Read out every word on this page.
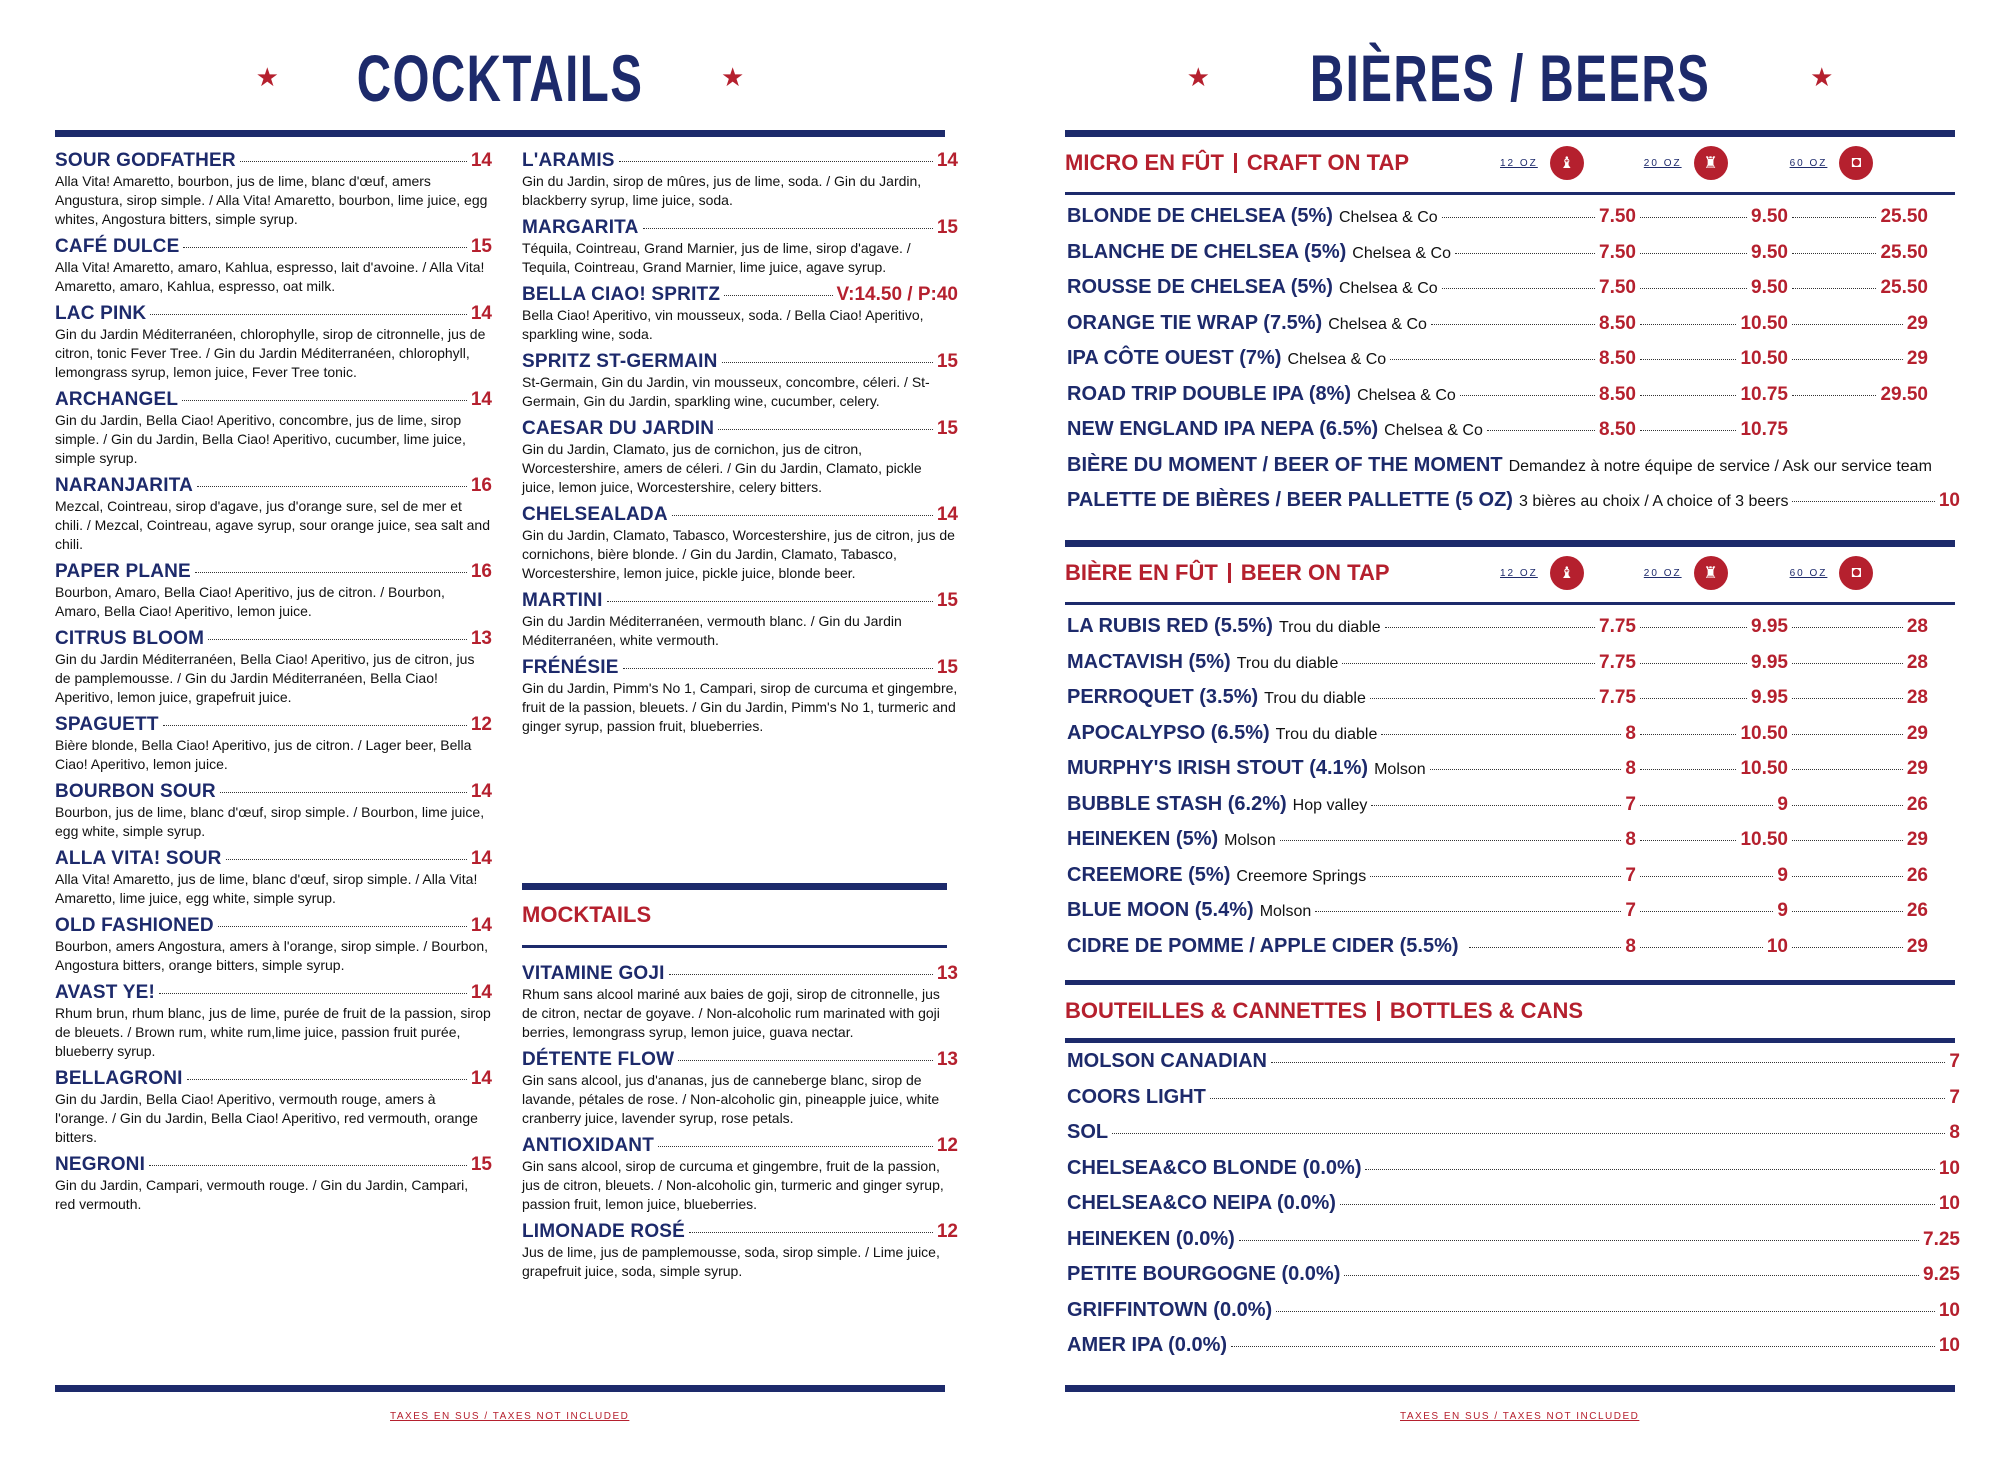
★ COCKTAILS	★
SOUR GODFATHER	14
Alla Vita! Amaretto, bourbon, jus de lime, blanc d'œuf, amers Angustura, sirop simple. / Alla Vita! Amaretto, bourbon, lime juice, egg whites, Angostura bitters, simple syrup.
CAFÉ DULCE	15
Alla Vita! Amaretto, amaro, Kahlua, espresso, lait d'avoine. / Alla Vita! Amaretto, amaro, Kahlua, espresso, oat milk.
LAC PINK	14
Gin du Jardin Méditerranéen, chlorophylle, sirop de citronnelle, jus de citron, tonic Fever Tree. / Gin du Jardin Méditerranéen, chlorophyll, lemongrass syrup, lemon juice, Fever Tree tonic.
ARCHANGEL	14
Gin du Jardin, Bella Ciao! Aperitivo, concombre, jus de lime, sirop simple. / Gin du Jardin, Bella Ciao! Aperitivo, cucumber, lime juice, simple syrup.
NARANJARITA	16
Mezcal, Cointreau, sirop d'agave, jus d'orange sure, sel de mer et chili. / Mezcal, Cointreau, agave syrup, sour orange juice, sea salt and chili.
PAPER PLANE	16
Bourbon, Amaro, Bella Ciao! Aperitivo, jus de citron. / Bourbon, Amaro, Bella Ciao! Aperitivo, lemon juice.
CITRUS BLOOM	13
Gin du Jardin Méditerranéen, Bella Ciao! Aperitivo, jus de citron, jus de pamplemousse. / Gin du Jardin Méditerranéen, Bella Ciao! Aperitivo, lemon juice, grapefruit juice.
SPAGUETT	12
Bière blonde, Bella Ciao! Aperitivo, jus de citron. / Lager beer, Bella Ciao! Aperitivo, lemon juice.
BOURBON SOUR	14
Bourbon, jus de lime, blanc d'œuf, sirop simple. / Bourbon, lime juice, egg white, simple syrup.
ALLA VITA! SOUR	14
Alla Vita! Amaretto, jus de lime, blanc d'œuf, sirop simple. / Alla Vita! Amaretto, lime juice, egg white, simple syrup.
OLD FASHIONED	14
Bourbon, amers Angostura, amers à l'orange, sirop simple. / Bourbon, Angostura bitters, orange bitters, simple syrup.
AVAST YE!	14
Rhum brun, rhum blanc, jus de lime, purée de fruit de la passion, sirop de bleuets. / Brown rum, white rum,lime juice, passion fruit purée, blueberry syrup.
BELLAGRONI	14
Gin du Jardin, Bella Ciao! Aperitivo, vermouth rouge, amers à l'orange. / Gin du Jardin, Bella Ciao! Aperitivo, red vermouth, orange bitters.
NEGRONI	15
Gin du Jardin, Campari, vermouth rouge. / Gin du Jardin, Campari, red vermouth.
L'ARAMIS	14
Gin du Jardin, sirop de mûres, jus de lime, soda. / Gin du Jardin, blackberry syrup, lime juice, soda.
MARGARITA	15
Téquila, Cointreau, Grand Marnier, jus de lime, sirop d'agave. / Tequila, Cointreau, Grand Marnier, lime juice, agave syrup.
BELLA CIAO! SPRITZ	V:14.50 / P:40
Bella Ciao! Aperitivo, vin mousseux, soda. / Bella Ciao! Aperitivo, sparkling wine, soda.
SPRITZ ST-GERMAIN	15
St-Germain, Gin du Jardin, vin mousseux, concombre, céleri. / St-Germain, Gin du Jardin, sparkling wine, cucumber, celery.
CAESAR DU JARDIN	15
Gin du Jardin, Clamato, jus de cornichon, jus de citron, Worcestershire, amers de céleri. / Gin du Jardin, Clamato, pickle juice, lemon juice, Worcestershire, celery bitters.
CHELSEALADA	14
Gin du Jardin, Clamato, Tabasco, Worcestershire, jus de citron, jus de cornichons, bière blonde. / Gin du Jardin, Clamato, Tabasco, Worcestershire, lemon juice, pickle juice, blonde beer.
MARTINI	15
Gin du Jardin Méditerranéen, vermouth blanc. / Gin du Jardin Méditerranéen, white vermouth.
FRÉNÉSIE	15
Gin du Jardin, Pimm's No 1, Campari, sirop de curcuma et gingembre, fruit de la passion, bleuets. / Gin du Jardin, Pimm's No 1, turmeric and ginger syrup, passion fruit, blueberries.
MOCKTAILS
VITAMINE GOJI	13
Rhum sans alcool mariné aux baies de goji, sirop de citronnelle, jus de citron, nectar de goyave. / Non-alcoholic rum marinated with goji berries, lemongrass syrup, lemon juice, guava nectar.
DÉTENTE FLOW	13
Gin sans alcool, jus d'ananas, jus de canneberge blanc, sirop de lavande, pétales de rose. / Non-alcoholic gin, pineapple juice, white cranberry juice, lavender syrup, rose petals.
ANTIOXIDANT	12
Gin sans alcool, sirop de curcuma et gingembre, fruit de la passion, jus de citron, bleuets. / Non-alcoholic gin, turmeric and ginger syrup, passion fruit, lemon juice, blueberries.
LIMONADE ROSÉ	12
Jus de lime, jus de pamplemousse, soda, sirop simple. / Lime juice, grapefruit juice, soda, simple syrup.
TAXES EN SUS / TAXES NOT INCLUDED
★ BIÈRES / BEERS	★
MICRO EN FÛT CRAFT ON TAP	12 OZ	♝	20 OZ	♜	60 OZ	◘
BLONDE DE CHELSEA (5%) Chelsea & Co	7.50	9.50	25.50
BLANCHE DE CHELSEA (5%) Chelsea & Co	7.50	9.50	25.50
ROUSSE DE CHELSEA (5%) Chelsea & Co	7.50	9.50	25.50
ORANGE TIE WRAP (7.5%) Chelsea & Co	8.50	10.50	29
IPA CÔTE OUEST (7%) Chelsea & Co	8.50	10.50	29
ROAD TRIP DOUBLE IPA (8%) Chelsea & Co	8.50	10.75	29.50
NEW ENGLAND IPA NEPA (6.5%) Chelsea & Co	8.50	10.75
BIÈRE DU MOMENT / BEER OF THE MOMENT Demandez à notre équipe de service / Ask our service team
PALETTE DE BIÈRES / BEER PALLETTE (5 OZ) 3 bières au choix / A choice of 3 beers	10
BIÈRE EN FÛT BEER ON TAP	12 OZ	♝	20 OZ	♜	60 OZ	◘
LA RUBIS RED (5.5%) Trou du diable	7.75	9.95	28
MACTAVISH (5%) Trou du diable	7.75	9.95	28
PERROQUET (3.5%) Trou du diable	7.75	9.95	28
APOCALYPSO (6.5%) Trou du diable	8	10.50	29
MURPHY'S IRISH STOUT (4.1%) Molson	8	10.50	29
BUBBLE STASH (6.2%) Hop valley	7	9	26
HEINEKEN (5%) Molson	8	10.50	29
CREEMORE (5%) Creemore Springs	7	9	26
BLUE MOON (5.4%) Molson	7	9	26
CIDRE DE POMME / APPLE CIDER (5.5%)	8	10	29
BOUTEILLES & CANNETTES BOTTLES & CANS
MOLSON CANADIAN	7
COORS LIGHT	7
SOL	8
CHELSEA&CO BLONDE (0.0%)	10
CHELSEA&CO NEIPA (0.0%)	10
HEINEKEN (0.0%)	7.25
PETITE BOURGOGNE (0.0%)	9.25
GRIFFINTOWN (0.0%)	10
AMER IPA (0.0%)	10
TAXES EN SUS / TAXES NOT INCLUDED
